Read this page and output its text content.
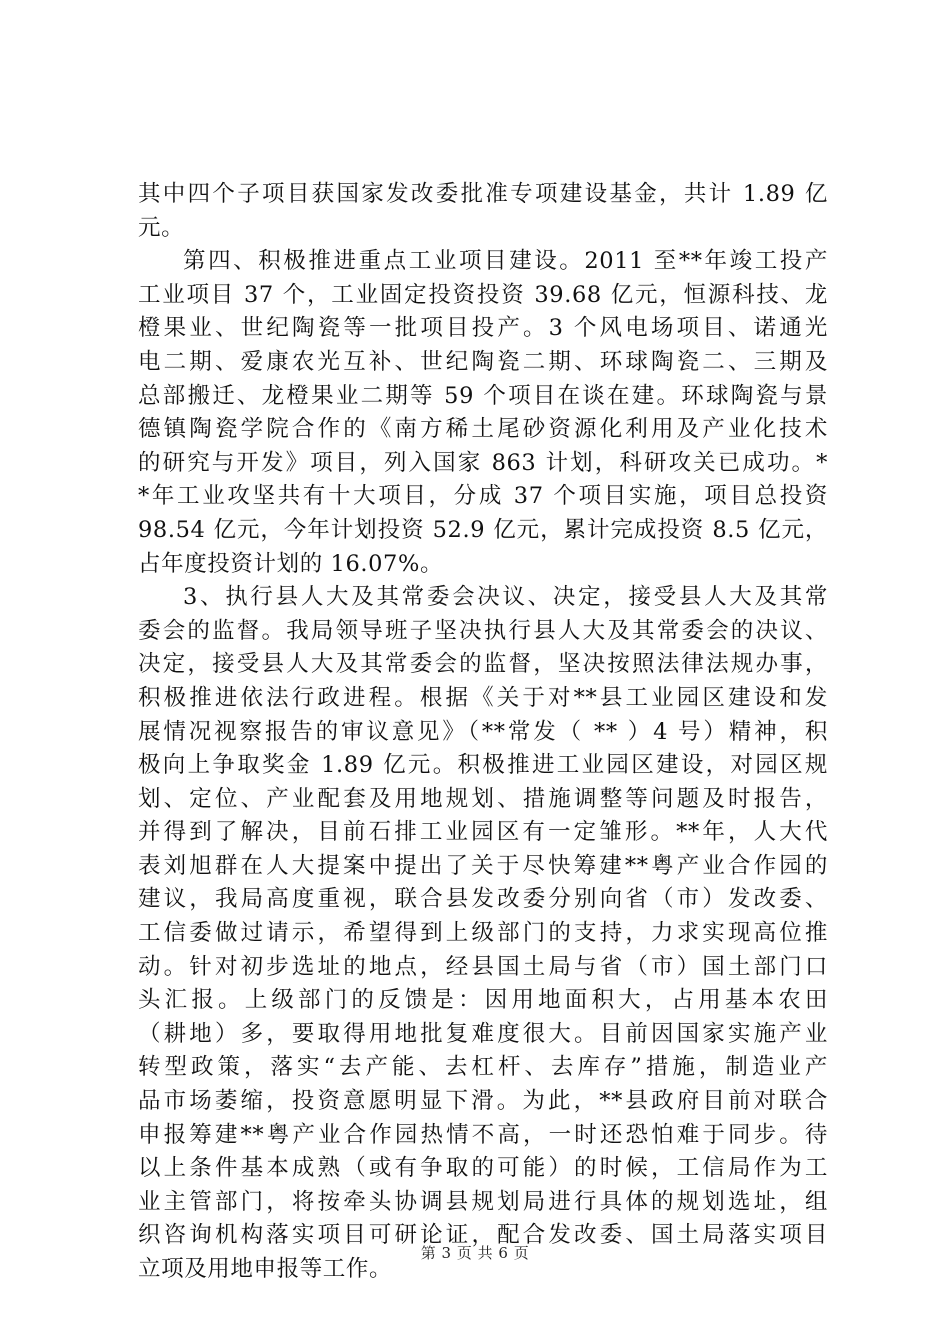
其中四个子项目获国家发改委批准专项建设基金，共计 1.89 亿
元。
第四、积极推进重点工业项目建设。2011 至**年竣工投产
工业项目 37 个，工业固定投资投资 39.68 亿元，恒源科技、龙
橙果业、世纪陶瓷等一批项目投产。3 个风电场项目、诺通光
电二期、爱康农光互补、世纪陶瓷二期、环球陶瓷二、三期及
总部搬迁、龙橙果业二期等 59 个项目在谈在建。环球陶瓷与景
德镇陶瓷学院合作的《南方稀土尾砂资源化利用及产业化技术
的研究与开发》项目，列入国家 863 计划，科研攻关已成功。*
*年工业攻坚共有十大项目，分成 37 个项目实施，项目总投资
98.54 亿元，今年计划投资 52.9 亿元，累计完成投资 8.5 亿元，
占年度投资计划的 16.07%。
3、执行县人大及其常委会决议、决定，接受县人大及其常
委会的监督。我局领导班子坚决执行县人大及其常委会的决议、
决定，接受县人大及其常委会的监督，坚决按照法律法规办事，
积极推进依法行政进程。根据《关于对**县工业园区建设和发
展情况视察报告的审议意见》（**常发（ ** ）4 号）精神，积
极向上争取奖金 1.89 亿元。积极推进工业园区建设，对园区规
划、定位、产业配套及用地规划、措施调整等问题及时报告，
并得到了解决，目前石排工业园区有一定雏形。**年，人大代
表刘旭群在人大提案中提出了关于尽快筹建**粤产业合作园的
建议，我局高度重视，联合县发改委分别向省（市）发改委、
工信委做过请示，希望得到上级部门的支持，力求实现高位推
动。针对初步选址的地点，经县国土局与省（市）国土部门口
头汇报。上级部门的反馈是：因用地面积大，占用基本农田
（耕地）多，要取得用地批复难度很大。目前因国家实施产业
转型政策，落实“去产能、去杠杆、去库存”措施，制造业产
品市场萎缩，投资意愿明显下滑。为此，**县政府目前对联合
申报筹建**粤产业合作园热情不高，一时还恐怕难于同步。待
以上条件基本成熟（或有争取的可能）的时候，工信局作为工
业主管部门，将按牵头协调县规划局进行具体的规划选址，组
织咨询机构落实项目可研论证，配合发改委、国土局落实项目
立项及用地申报等工作。
第 3 页 共 6 页
